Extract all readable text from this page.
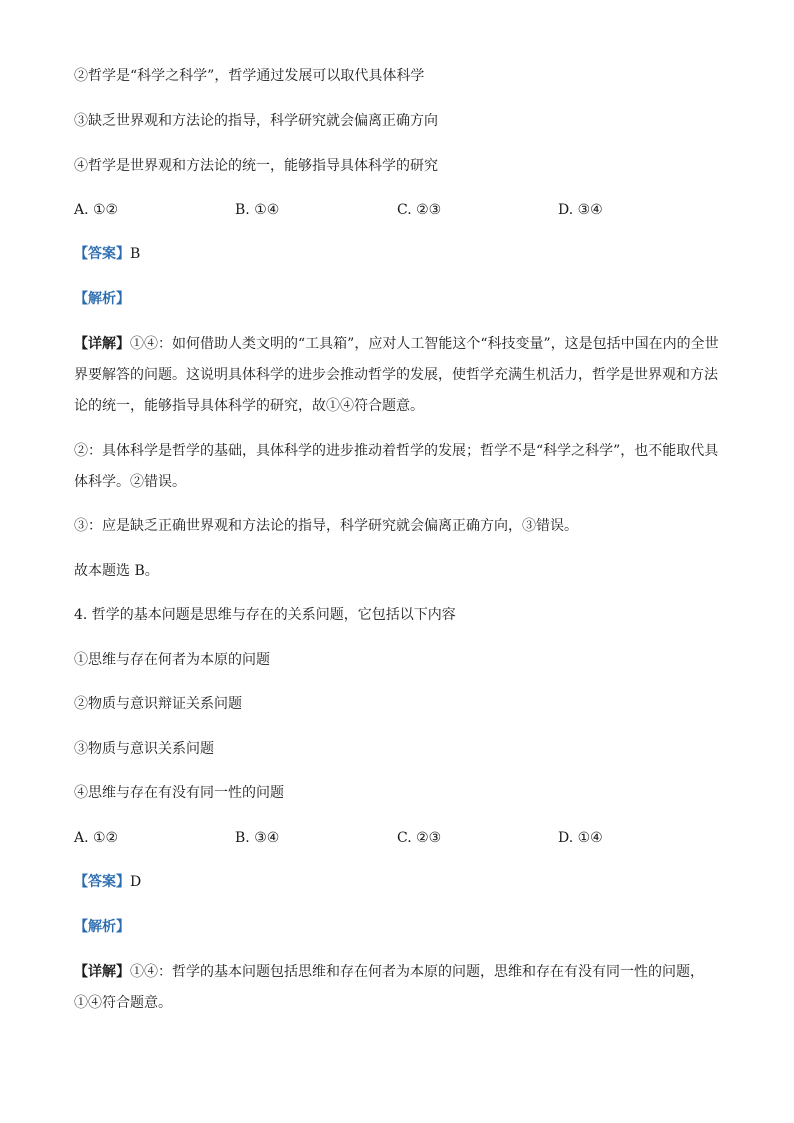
②哲学是“科学之科学”，哲学通过发展可以取代具体科学
③缺乏世界观和方法论的指导，科学研究就会偏离正确方向
④哲学是世界观和方法论的统一，能够指导具体科学的研究
A. ①②	B. ①④	C. ②③	D. ③④
【答案】B
【解析】
【详解】①④：如何借助人类文明的“工具箱”，应对人工智能这个“科技变量”，这是包括中国在内的全世界要解答的问题。这说明具体科学的进步会推动哲学的发展，使哲学充满生机活力，哲学是世界观和方法论的统一，能够指导具体科学的研究，故①④符合题意。
②：具体科学是哲学的基础，具体科学的进步推动着哲学的发展；哲学不是“科学之科学”，也不能取代具体科学。②错误。
③：应是缺乏正确世界观和方法论的指导，科学研究就会偏离正确方向，③错误。
故本题选 B。
4. 哲学的基本问题是思维与存在的关系问题，它包括以下内容
①思维与存在何者为本原的问题
②物质与意识辩证关系问题
③物质与意识关系问题
④思维与存在有没有同一性的问题
A. ①②	B. ③④	C. ②③	D. ①④
【答案】D
【解析】
【详解】①④：哲学的基本问题包括思维和存在何者为本原的问题，思维和存在有没有同一性的问题，①④符合题意。
